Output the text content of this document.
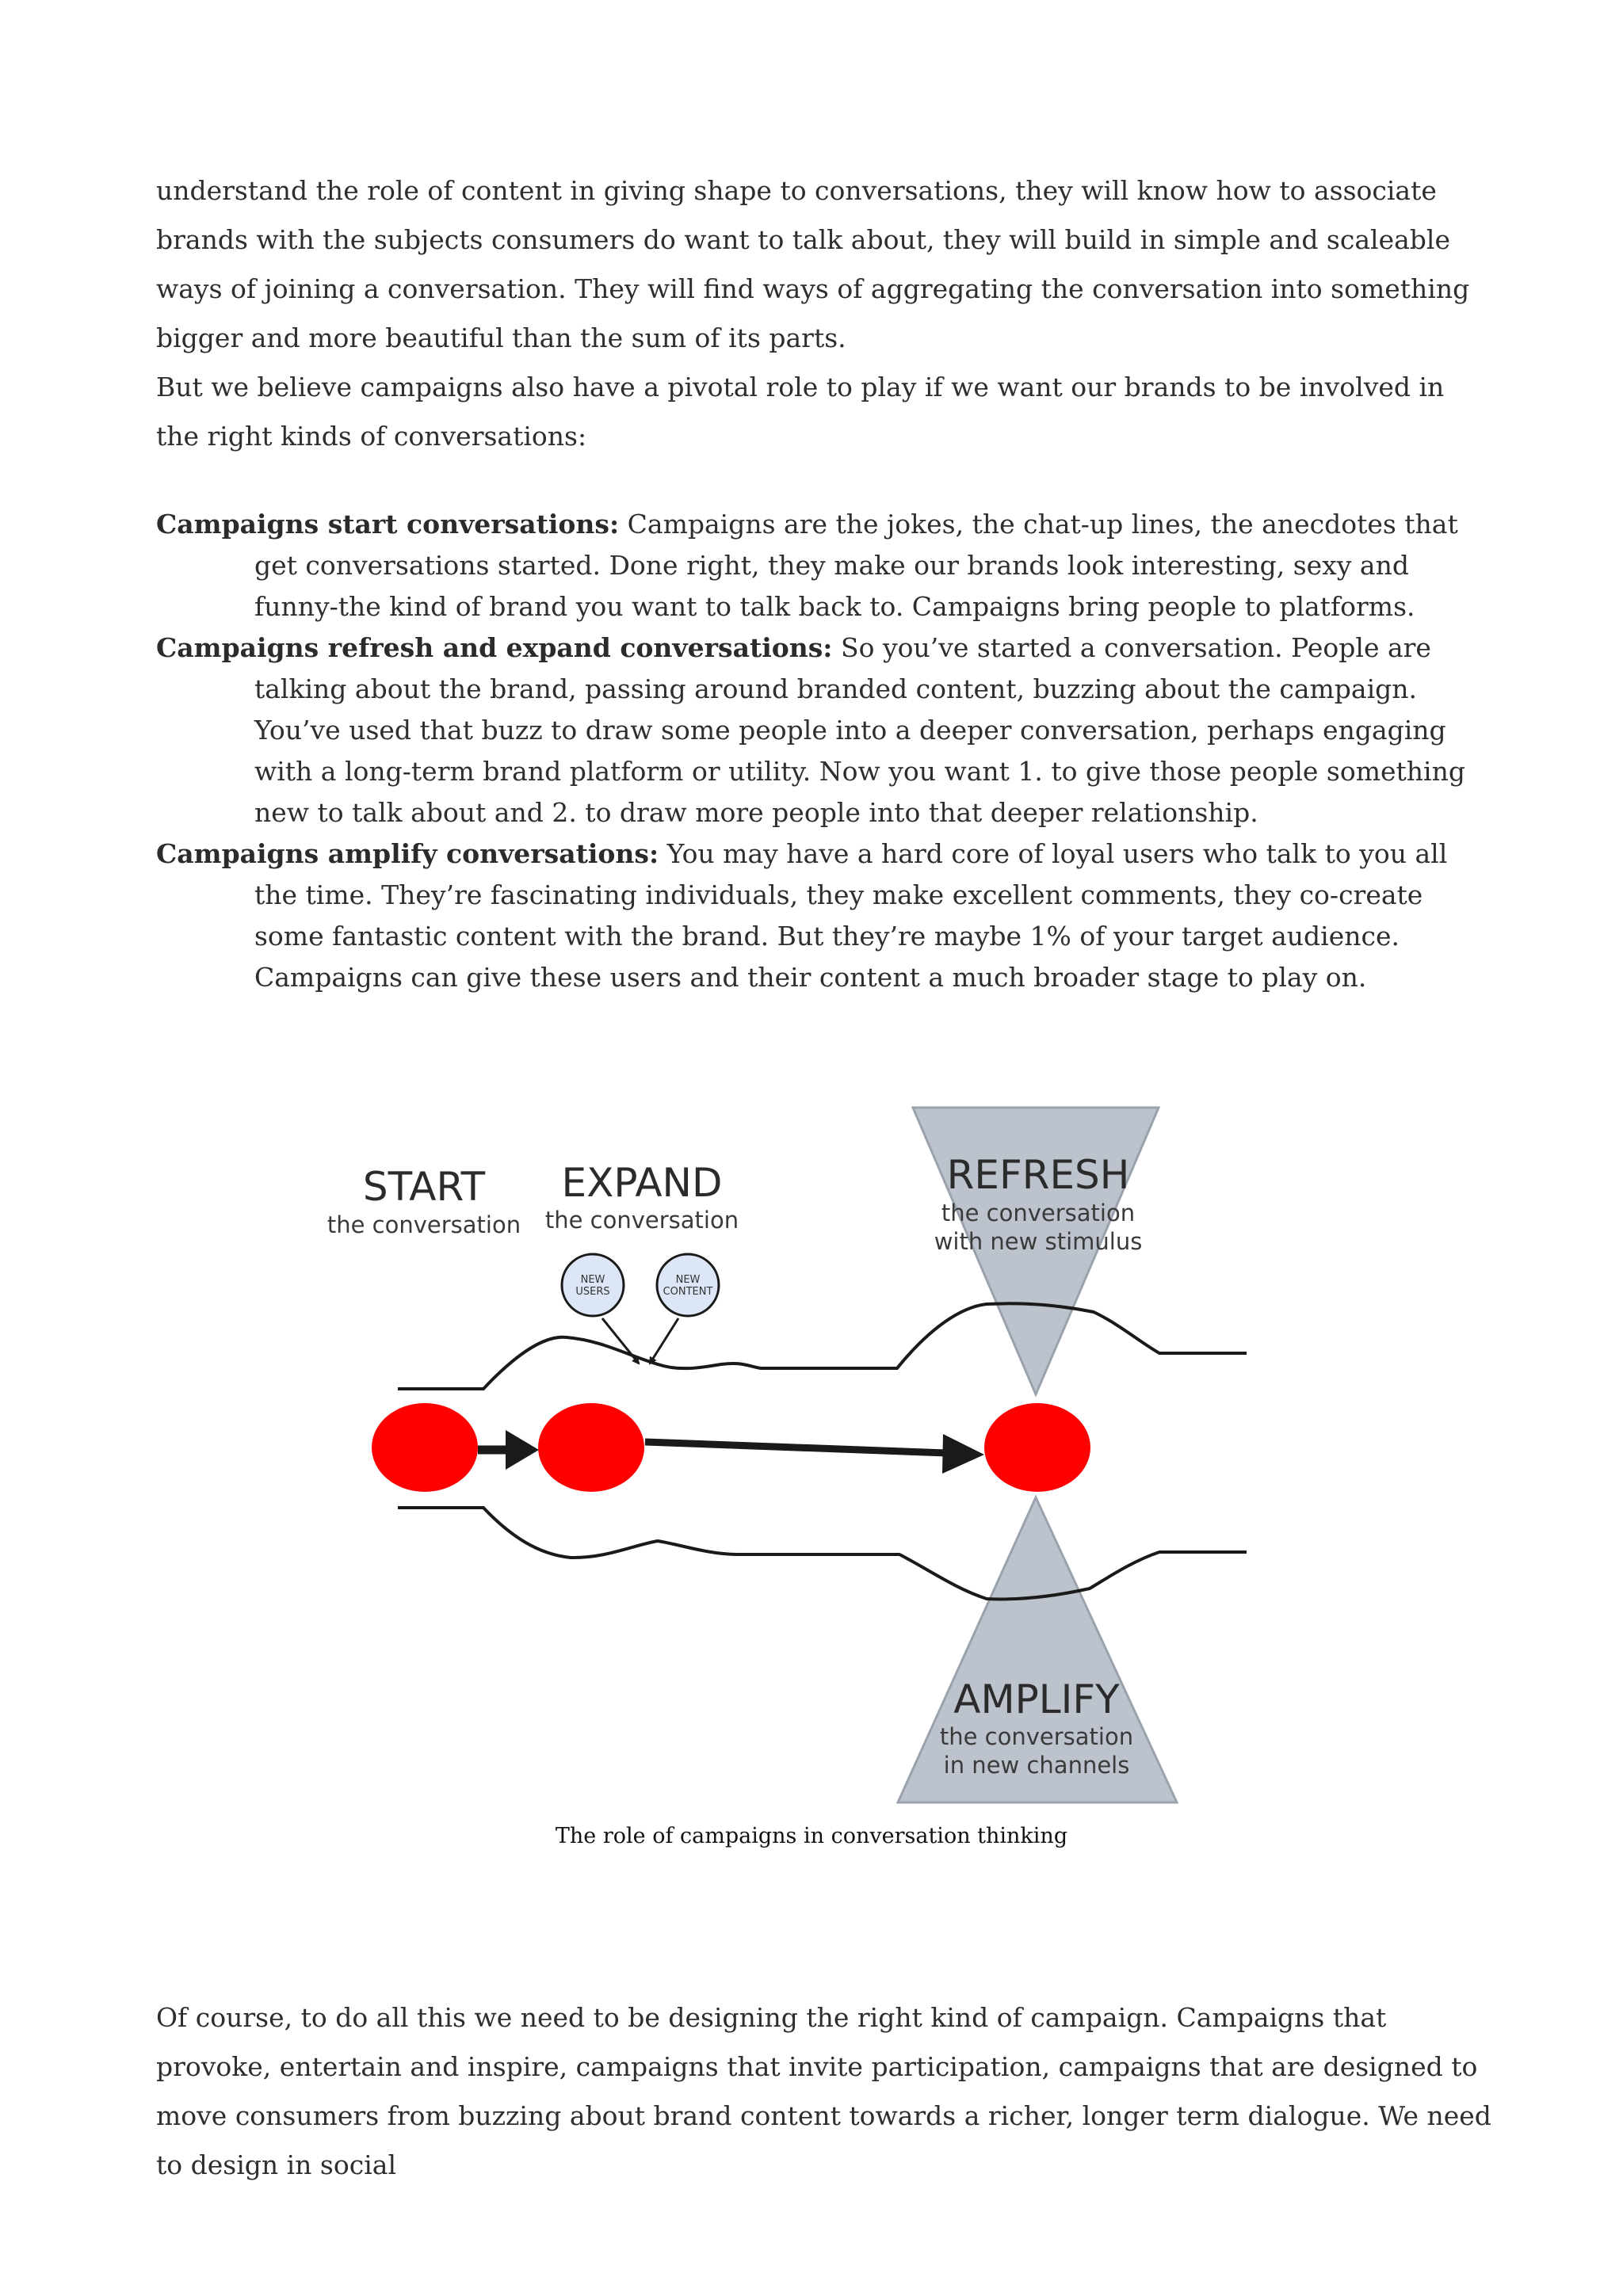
understand the role of content in giving shape to conversations, they will know how to associate brands with the subjects consumers do want to talk about, they will build in simple and scaleable ways of joining a conversation. They will find ways of aggregating the conversation into something bigger and more beautiful than the sum of its parts.

But we believe campaigns also have a pivotal role to play if we want our brands to be involved in the right kinds of conversations:

Campaigns start conversations: Campaigns are the jokes, the chat-up lines, the anecdotes that get conversations started. Done right, they make our brands look interesting, sexy and funny-the kind of brand you want to talk back to. Campaigns bring people to platforms.

Campaigns refresh and expand conversations: So you’ve started a conversation. People are talking about the brand, passing around branded content, buzzing about the campaign. You’ve used that buzz to draw some people into a deeper conversation, perhaps engaging with a long-term brand platform or utility. Now you want 1. to give those people something new to talk about and 2. to draw more people into that deeper relationship.

Campaigns amplify conversations: You may have a hard core of loyal users who talk to you all the time. They’re fascinating individuals, they make excellent comments, they co-create some fantastic content with the brand. But they’re maybe 1% of your target audience. Campaigns can give these users and their content a much broader stage to play on.

NEW
USERS
NEW
CONTENT
START
the conversation
EXPAND
the conversation
REFRESH
the conversation
with new stimulus
AMPLIFY
the conversation
in new channels
The role of campaigns in conversation thinking

Of course, to do all this we need to be designing the right kind of campaign. Campaigns that provoke, entertain and inspire, campaigns that invite participation, campaigns that are designed to move consumers from buzzing about brand content towards a richer, longer term dialogue. We need to design in social
